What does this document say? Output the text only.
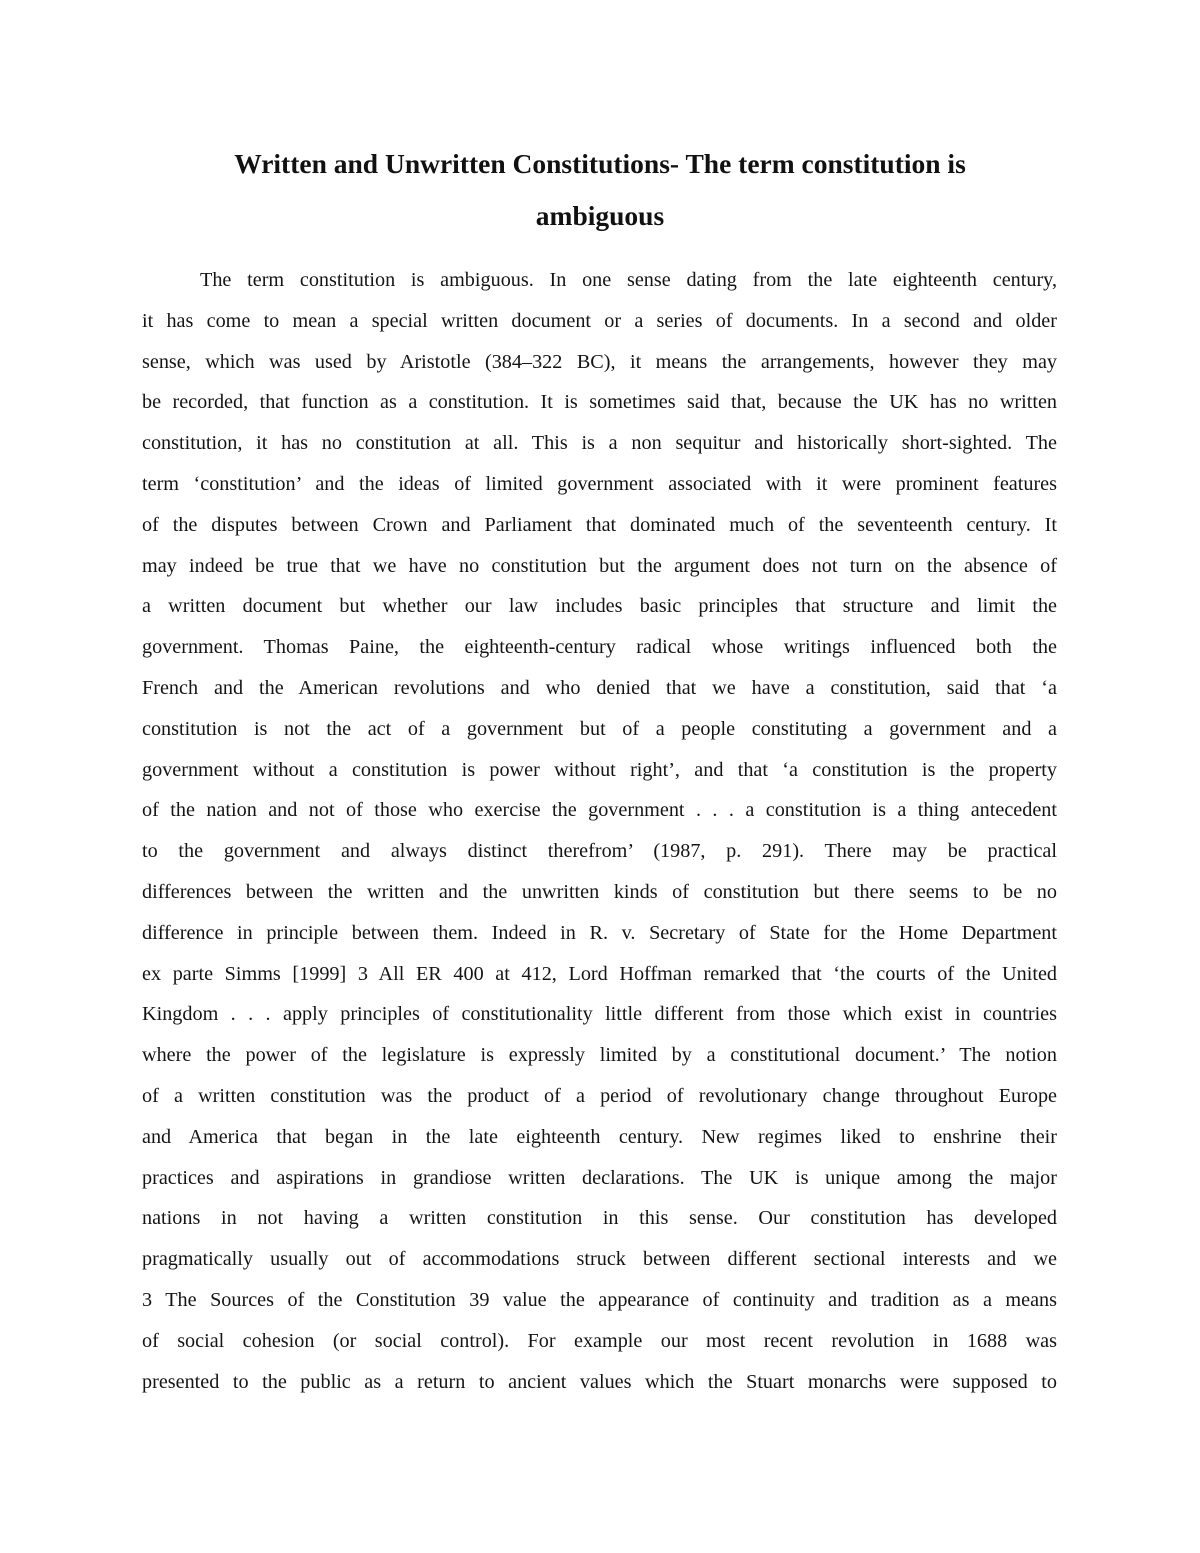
Written and Unwritten Constitutions- The term constitution is
ambiguous
The term constitution is ambiguous. In one sense dating from the late eighteenth century,
it has come to mean a special written document or a series of documents. In a second and older
sense, which was used by Aristotle (384–322 BC), it means the arrangements, however they may
be recorded, that function as a constitution. It is sometimes said that, because the UK has no written
constitution, it has no constitution at all. This is a non sequitur and historically short-sighted. The
term ‘constitution’ and the ideas of limited government associated with it were prominent features
of the disputes between Crown and Parliament that dominated much of the seventeenth century. It
may indeed be true that we have no constitution but the argument does not turn on the absence of
a written document but whether our law includes basic principles that structure and limit the
government. Thomas Paine, the eighteenth-century radical whose writings influenced both the
French and the American revolutions and who denied that we have a constitution, said that ‘a
constitution is not the act of a government but of a people constituting a government and a
government without a constitution is power without right’, and that ‘a constitution is the property
of the nation and not of those who exercise the government . . . a constitution is a thing antecedent
to the government and always distinct therefrom’ (1987, p. 291). There may be practical
differences between the written and the unwritten kinds of constitution but there seems to be no
difference in principle between them. Indeed in R. v. Secretary of State for the Home Department
ex parte Simms [1999] 3 All ER 400 at 412, Lord Hoffman remarked that ‘the courts of the United
Kingdom . . . apply principles of constitutionality little different from those which exist in countries
where the power of the legislature is expressly limited by a constitutional document.’ The notion
of a written constitution was the product of a period of revolutionary change throughout Europe
and America that began in the late eighteenth century. New regimes liked to enshrine their
practices and aspirations in grandiose written declarations. The UK is unique among the major
nations in not having a written constitution in this sense. Our constitution has developed
pragmatically usually out of accommodations struck between different sectional interests and we
3 The Sources of the Constitution 39 value the appearance of continuity and tradition as a means
of social cohesion (or social control). For example our most recent revolution in 1688 was
presented to the public as a return to ancient values which the Stuart monarchs were supposed to
